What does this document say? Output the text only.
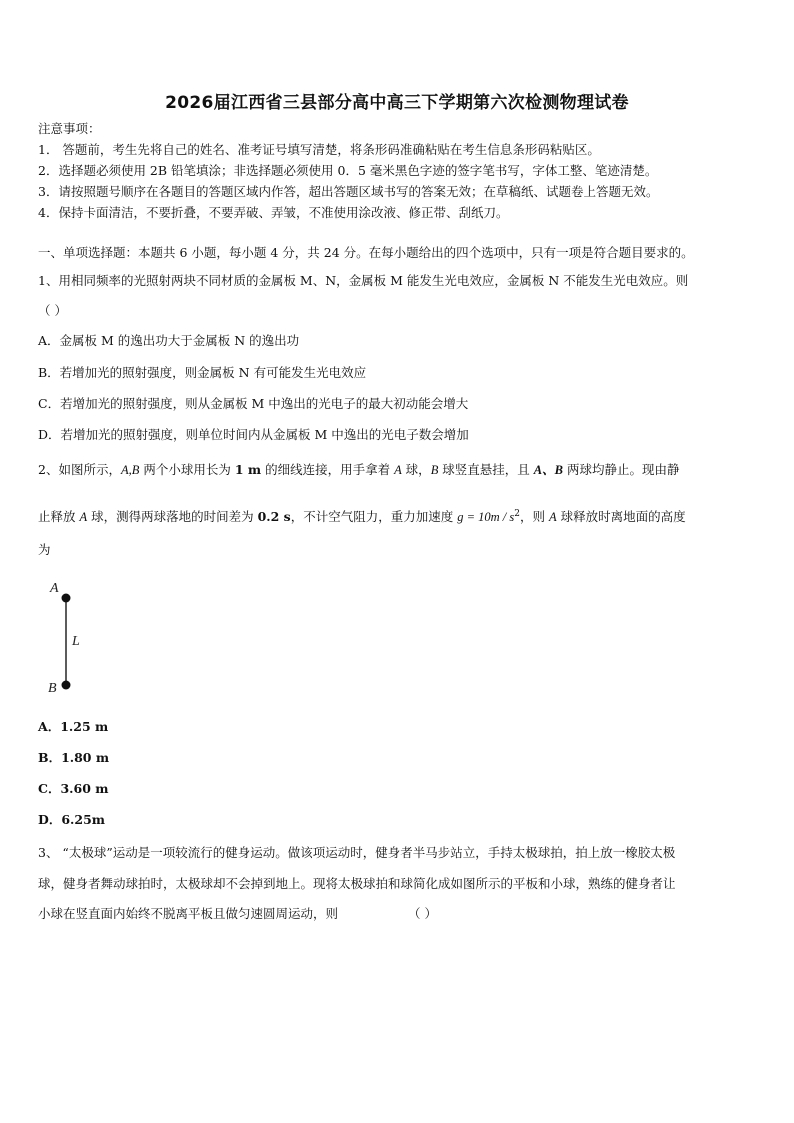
2026届江西省三县部分高中高三下学期第六次检测物理试卷
注意事项：
1． 答题前，考生先将自己的姓名、准考证号填写清楚，将条形码准确粘贴在考生信息条形码粘贴区。
2．选择题必须使用 2B 铅笔填涂；非选择题必须使用 0．5 毫米黑色字迹的签字笔书写，字体工整、笔迹清楚。
3．请按照题号顺序在各题目的答题区域内作答，超出答题区域书写的答案无效；在草稿纸、试题卷上答题无效。
4．保持卡面清洁，不要折叠，不要弄破、弄皱，不准使用涂改液、修正带、刮纸刀。
一、单项选择题：本题共 6 小题，每小题 4 分，共 24 分。在每小题给出的四个选项中，只有一项是符合题目要求的。
1、用相同频率的光照射两块不同材质的金属板 M、N，金属板 M 能发生光电效应，金属板 N 不能发生光电效应。则
（ ）
A．金属板 M 的逸出功大于金属板 N 的逸出功
B．若增加光的照射强度，则金属板 N 有可能发生光电效应
C．若增加光的照射强度，则从金属板 M 中逸出的光电子的最大初动能会增大
D．若增加光的照射强度，则单位时间内从金属板 M 中逸出的光电子数会增加
2、如图所示，A,B 两个小球用长为 1 m 的细线连接，用手拿着 A 球，B 球竖直悬挂，且 A、B 两球均静止。现由静
止释放 A 球，测得两球落地的时间差为 0.2 s，不计空气阻力，重力加速度 $g = 10m / s^2$，则 A 球释放时离地面的高度
为
A
B
L
A．1.25 m
B．1.80 m
C．3.60 m
D．6.25m
3、 “太极球”运动是一项较流行的健身运动。做该项运动时，健身者半马步站立，手持太极球拍，拍上放一橡胶太极
球，健身者舞动球拍时，太极球却不会掉到地上。现将太极球拍和球简化成如图所示的平板和小球，熟练的健身者让
小球在竖直面内始终不脱离平板且做匀速圆周运动，则	（ ）
